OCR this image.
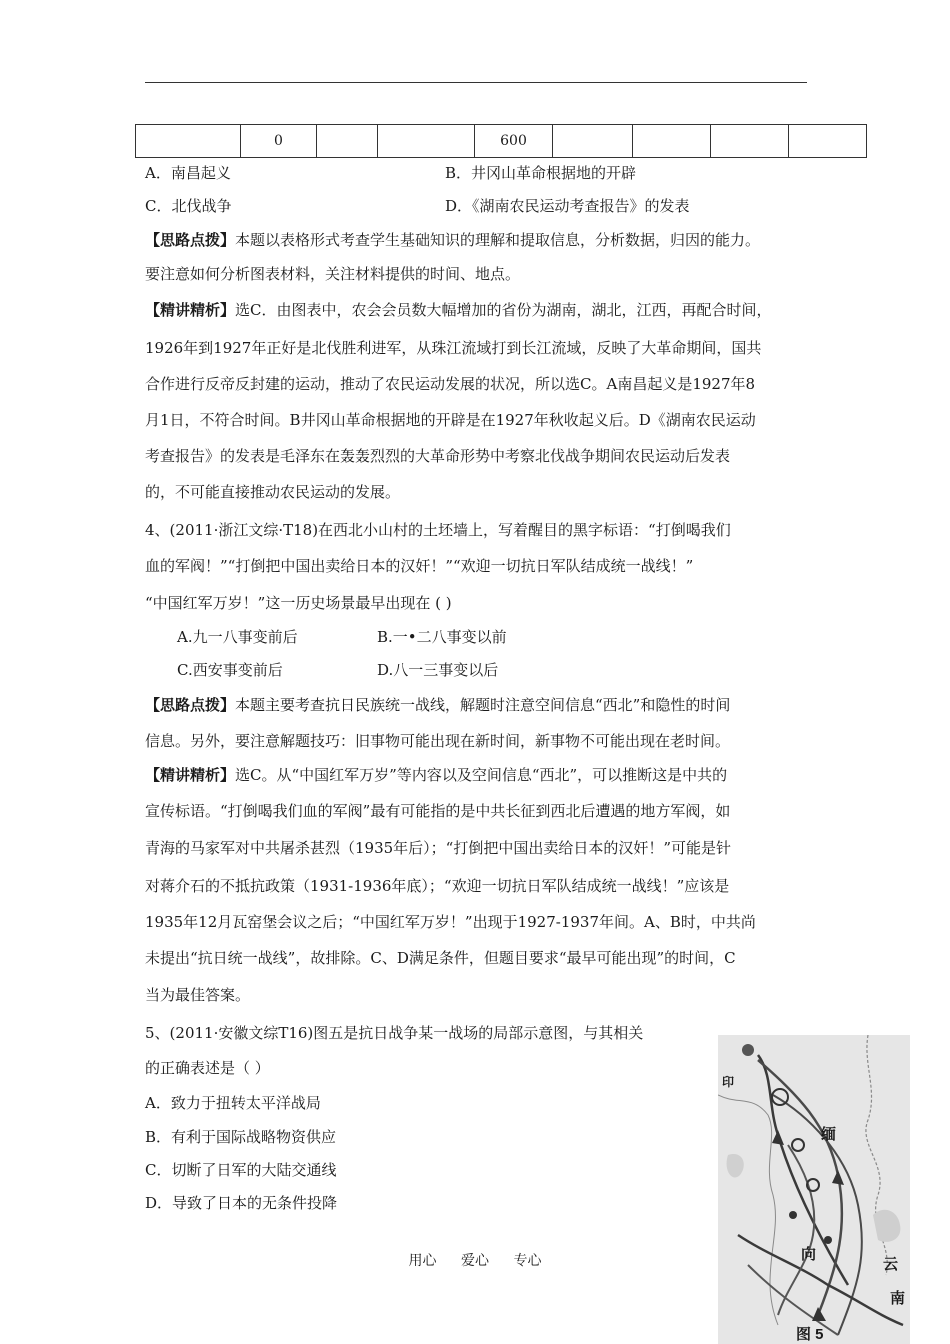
	0			600				
A．南昌起义	B．井冈山革命根据地的开辟
C．北伐战争	D．《湖南农民运动考查报告》的发表
【思路点拨】本题以表格形式考查学生基础知识的理解和提取信息，分析数据，归因的能力。
要注意如何分析图表材料，关注材料提供的时间、地点。
【精讲精析】选C．由图表中，农会会员数大幅增加的省份为湖南，湖北，江西，再配合时间，
1926年到1927年正好是北伐胜利进军，从珠江流域打到长江流域，反映了大革命期间，国共
合作进行反帝反封建的运动，推动了农民运动发展的状况，所以选C。A南昌起义是1927年8
月1日，不符合时间。B井冈山革命根据地的开辟是在1927年秋收起义后。D《湖南农民运动
考查报告》的发表是毛泽东在轰轰烈烈的大革命形势中考察北伐战争期间农民运动后发表
的，不可能直接推动农民运动的发展。
4、(2011·浙江文综·T18)在西北小山村的土坯墙上，写着醒目的黑字标语：“打倒喝我们
血的军阀！”“打倒把中国出卖给日本的汉奸！”“欢迎一切抗日军队结成统一战线！”
“中国红军万岁！”这一历史场景最早出现在 ( )
A.九一八事变前后	B.一•二八事变以前
C.西安事变前后	D.八一三事变以后
【思路点拨】本题主要考查抗日民族统一战线，解题时注意空间信息“西北”和隐性的时间
信息。另外，要注意解题技巧：旧事物可能出现在新时间，新事物不可能出现在老时间。
【精讲精析】选C。从“中国红军万岁”等内容以及空间信息“西北”，可以推断这是中共的
宣传标语。“打倒喝我们血的军阀”最有可能指的是中共长征到西北后遭遇的地方军阀，如
青海的马家军对中共屠杀甚烈（1935年后）；“打倒把中国出卖给日本的汉奸！”可能是针
对蒋介石的不抵抗政策（1931-1936年底）；“欢迎一切抗日军队结成统一战线！”应该是
1935年12月瓦窑堡会议之后；“中国红军万岁！”出现于1927-1937年间。A、B时，中共尚
未提出“抗日统一战线”，故排除。C、D满足条件，但题目要求“最早可能出现”的时间，C
当为最佳答案。
5、(2011·安徽文综T16)图五是抗日战争某一战场的局部示意图，与其相关
的正确表述是（ ）
A．致力于扭转太平洋战局
B．有利于国际战略物资供应
C．切断了日军的大陆交通线
D．导致了日本的无条件投降
印
缅
向
云
南
图 5
用心 爱心 专心
